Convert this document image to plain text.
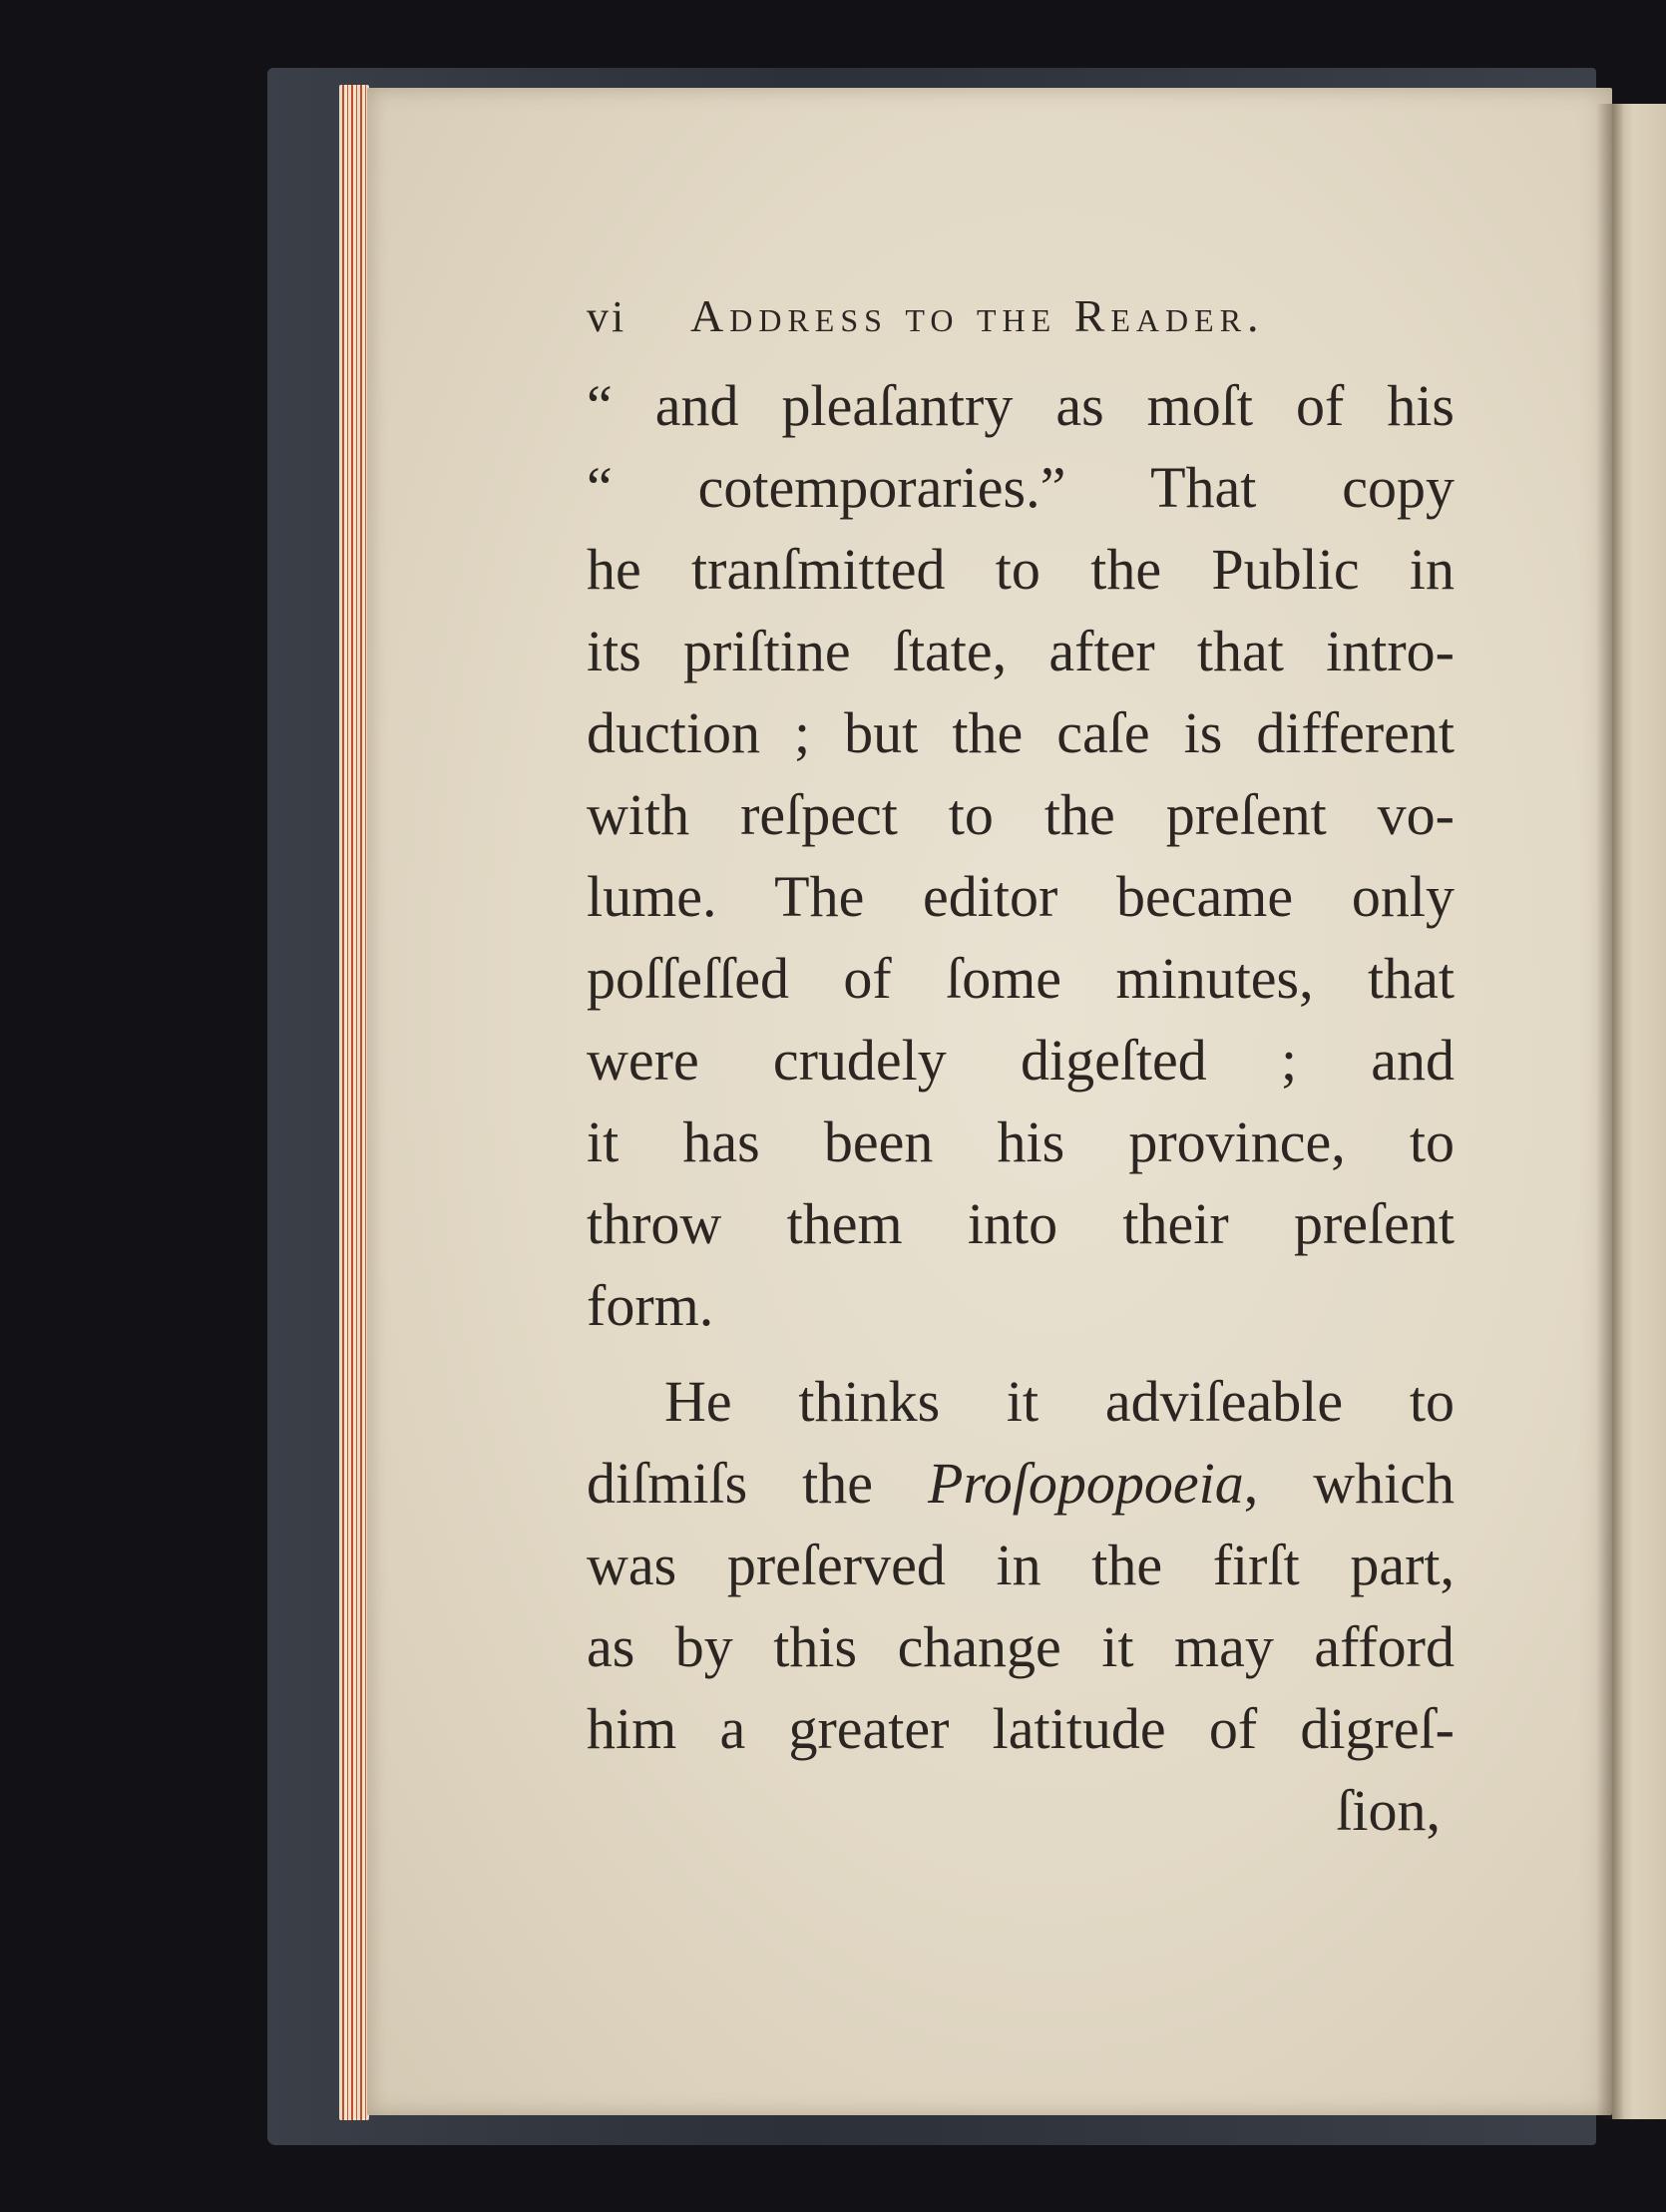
vi	Address to the Reader.
“ and pleaſantry as moſt of his
“ cotemporaries.” That copy
he tranſmitted to the Public in
its priſtine ſtate, after that intro-
duction ; but the caſe is different
with reſpect to the preſent vo-
lume. The editor became only
poſſeſſed of ſome minutes, that
were crudely digeſted ; and
it has been his province, to
throw them into their preſent
form.
He thinks it adviſeable to
diſmiſs the Proſopopoeia, which
was preſerved in the firſt part,
as by this change it may afford
him a greater latitude of digreſ-
ſion,
